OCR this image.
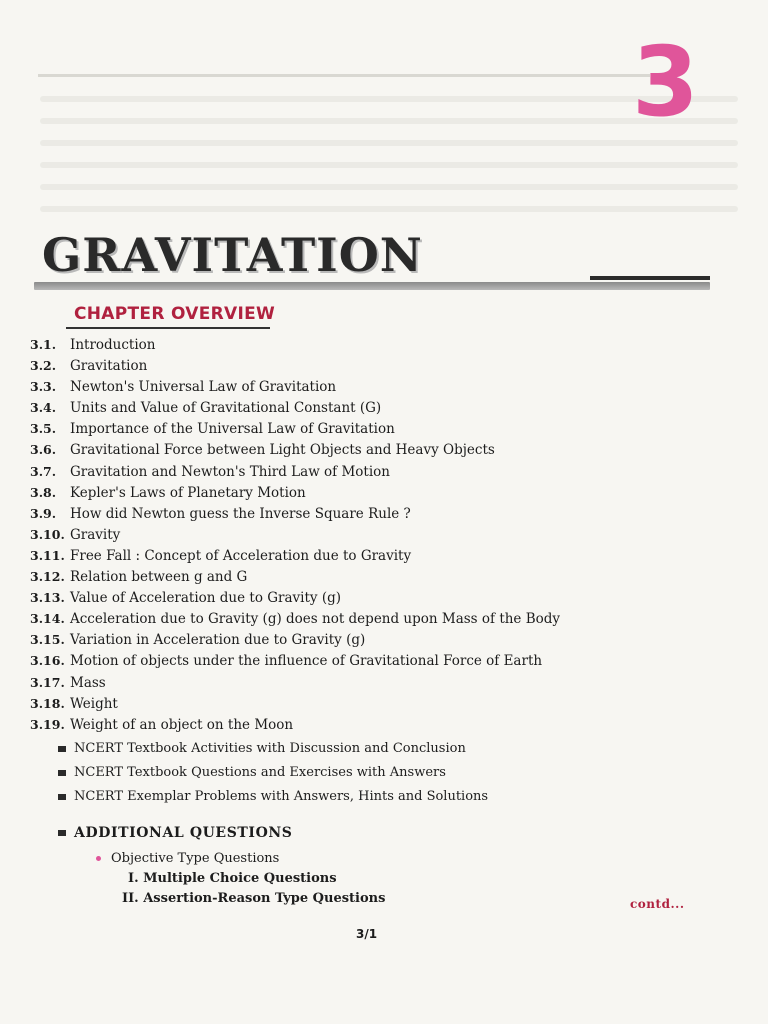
3
GRAVITATION
CHAPTER OVERVIEW
3.1. Introduction
3.2. Gravitation
3.3. Newton's Universal Law of Gravitation
3.4. Units and Value of Gravitational Constant (G)
3.5. Importance of the Universal Law of Gravitation
3.6. Gravitational Force between Light Objects and Heavy Objects
3.7. Gravitation and Newton's Third Law of Motion
3.8. Kepler's Laws of Planetary Motion
3.9. How did Newton guess the Inverse Square Rule ?
3.10. Gravity
3.11. Free Fall : Concept of Acceleration due to Gravity
3.12. Relation between g and G
3.13. Value of Acceleration due to Gravity (g)
3.14. Acceleration due to Gravity (g) does not depend upon Mass of the Body
3.15. Variation in Acceleration due to Gravity (g)
3.16. Motion of objects under the influence of Gravitational Force of Earth
3.17. Mass
3.18. Weight
3.19. Weight of an object on the Moon
NCERT Textbook Activities with Discussion and Conclusion
NCERT Textbook Questions and Exercises with Answers
NCERT Exemplar Problems with Answers, Hints and Solutions
ADDITIONAL QUESTIONS
Objective Type Questions
I. Multiple Choice Questions
II. Assertion-Reason Type Questions	contd...
3/1
